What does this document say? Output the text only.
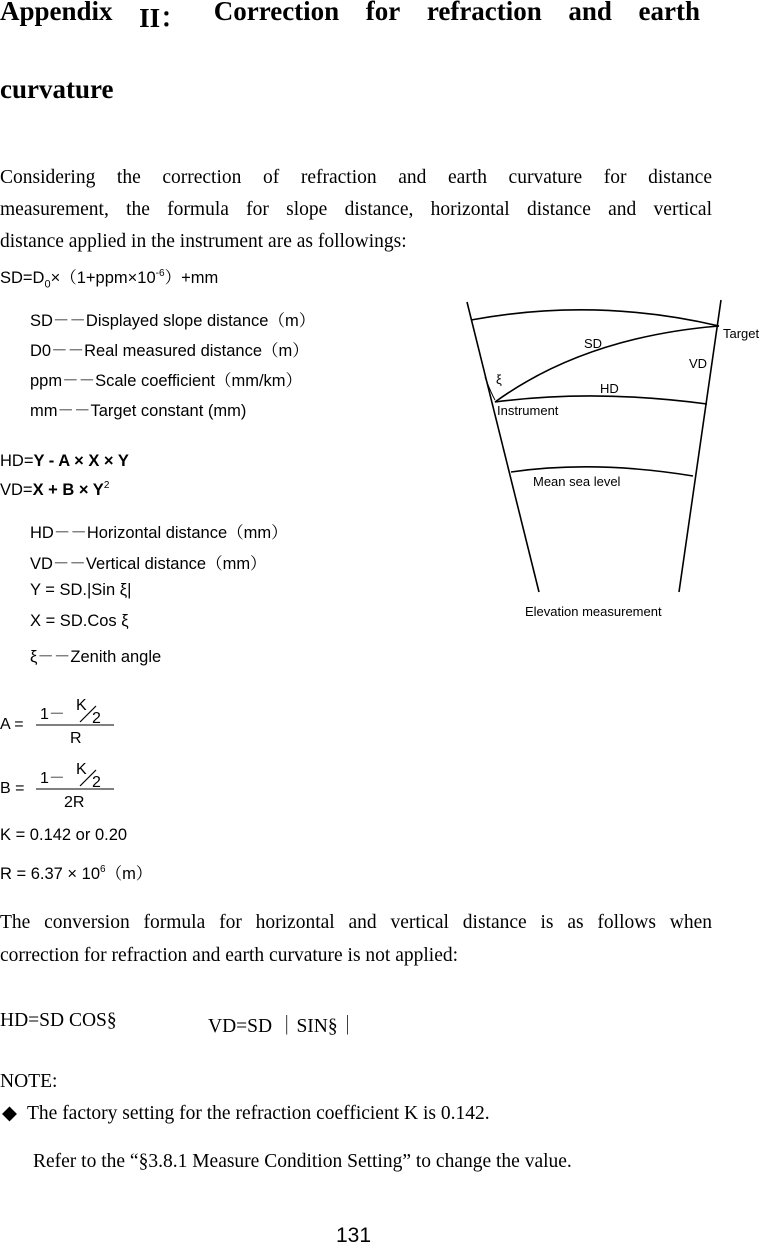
Appendix II： Correction for refraction and earth
curvature
Considering the correction of refraction and earth curvature for distance
measurement, the formula for slope distance, horizontal distance and vertical
distance applied in the instrument are as followings:
$SD=D_0\times(1+ppm\times 10^{-6})+mm$
SD－－Displayed slope distance（m）
D0－－Real measured distance（m）
ppm－－Scale coefficient（mm/km）
mm－－Target constant (mm)
HD=Y - A × X × Y
$VD=X + B \times Y^2$
HD－－Horizontal distance（mm）
VD－－Vertical distance（mm）
Y = SD.|Sin ξ|
X = SD.Cos ξ
ξ－－Zenith angle
Target
SD
VD
ξ
HD
Instrument
Mean sea level
Elevation measurement
A =
1－
K
2
R
B =
1－
K
2
2R
K = 0.142 or 0.20
$R = 6.37 \times 10^6(m)$
The conversion formula for horizontal and vertical distance is as follows when
correction for refraction and earth curvature is not applied:
HD=SD COS§	VD=SD ｜SIN§｜
NOTE:
◆ The factory setting for the refraction coefficient K is 0.142.
Refer to the “§3.8.1 Measure Condition Setting” to change the value.
131
